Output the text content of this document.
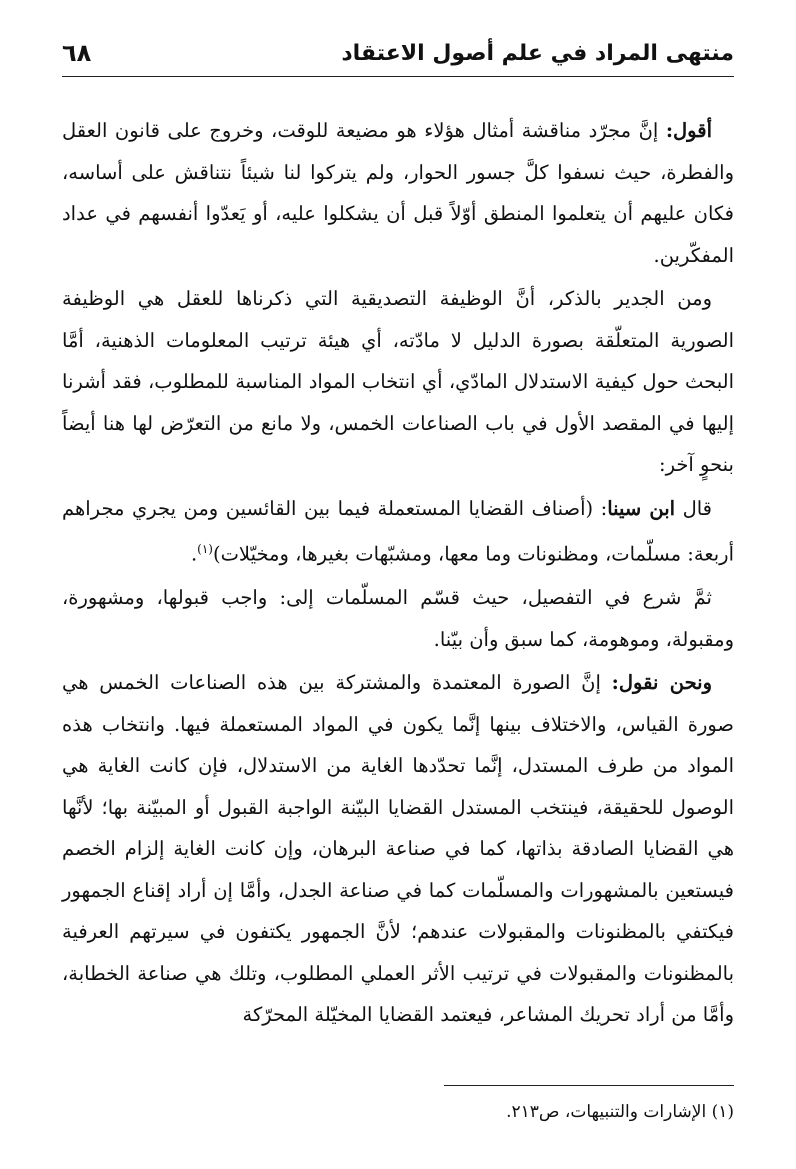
منتهى المراد في علم أصول الاعتقاد
٦٨

أقول: إنَّ مجرّد مناقشة أمثال هؤلاء هو مضيعة للوقت، وخروج على قانون العقل والفطرة، حيث نسفوا كلَّ جسور الحوار، ولم يتركوا لنا شيئاً نتناقش على أساسه، فكان عليهم أن يتعلموا المنطق أوّلاً قبل أن يشكلوا عليه، أو يَعدّوا أنفسهم في عداد المفكّرين.

ومن الجدير بالذكر، أنَّ الوظيفة التصديقية التي ذكرناها للعقل هي الوظيفة الصورية المتعلّقة بصورة الدليل لا مادّته، أي هيئة ترتيب المعلومات الذهنية، أمَّا البحث حول كيفية الاستدلال المادّي، أي انتخاب المواد المناسبة للمطلوب، فقد أشرنا إليها في المقصد الأول في باب الصناعات الخمس، ولا مانع من التعرّض لها هنا أيضاً بنحوٍ آخر:

قال ابن سينا: (أصناف القضايا المستعملة فيما بين القائسين ومن يجري مجراهم أربعة: مسلّمات، ومظنونات وما معها، ومشبّهات بغيرها، ومخيّلات)$^{(١)}$.

ثمَّ شرع في التفصيل، حيث قسّم المسلّمات إلى: واجب قبولها، ومشهورة، ومقبولة، وموهومة، كما سبق وأن بيّنا.

ونحن نقول: إنَّ الصورة المعتمدة والمشتركة بين هذه الصناعات الخمس هي صورة القياس، والاختلاف بينها إنَّما يكون في المواد المستعملة فيها. وانتخاب هذه المواد من طرف المستدل، إنَّما تحدّدها الغاية من الاستدلال، فإن كانت الغاية هي الوصول للحقيقة، فينتخب المستدل القضايا البيّنة الواجبة القبول أو المبيّنة بها؛ لأنَّها هي القضايا الصادقة بذاتها، كما في صناعة البرهان، وإن كانت الغاية إلزام الخصم فيستعين بالمشهورات والمسلّمات كما في صناعة الجدل، وأمَّا إن أراد إقناع الجمهور فيكتفي بالمظنونات والمقبولات عندهم؛ لأنَّ الجمهور يكتفون في سيرتهم العرفية بالمظنونات والمقبولات في ترتيب الأثر العملي المطلوب، وتلك هي صناعة الخطابة، وأمَّا من أراد تحريك المشاعر، فيعتمد القضايا المخيّلة المحرّكة

(١) الإشارات والتنبيهات، ص٢١٣.
